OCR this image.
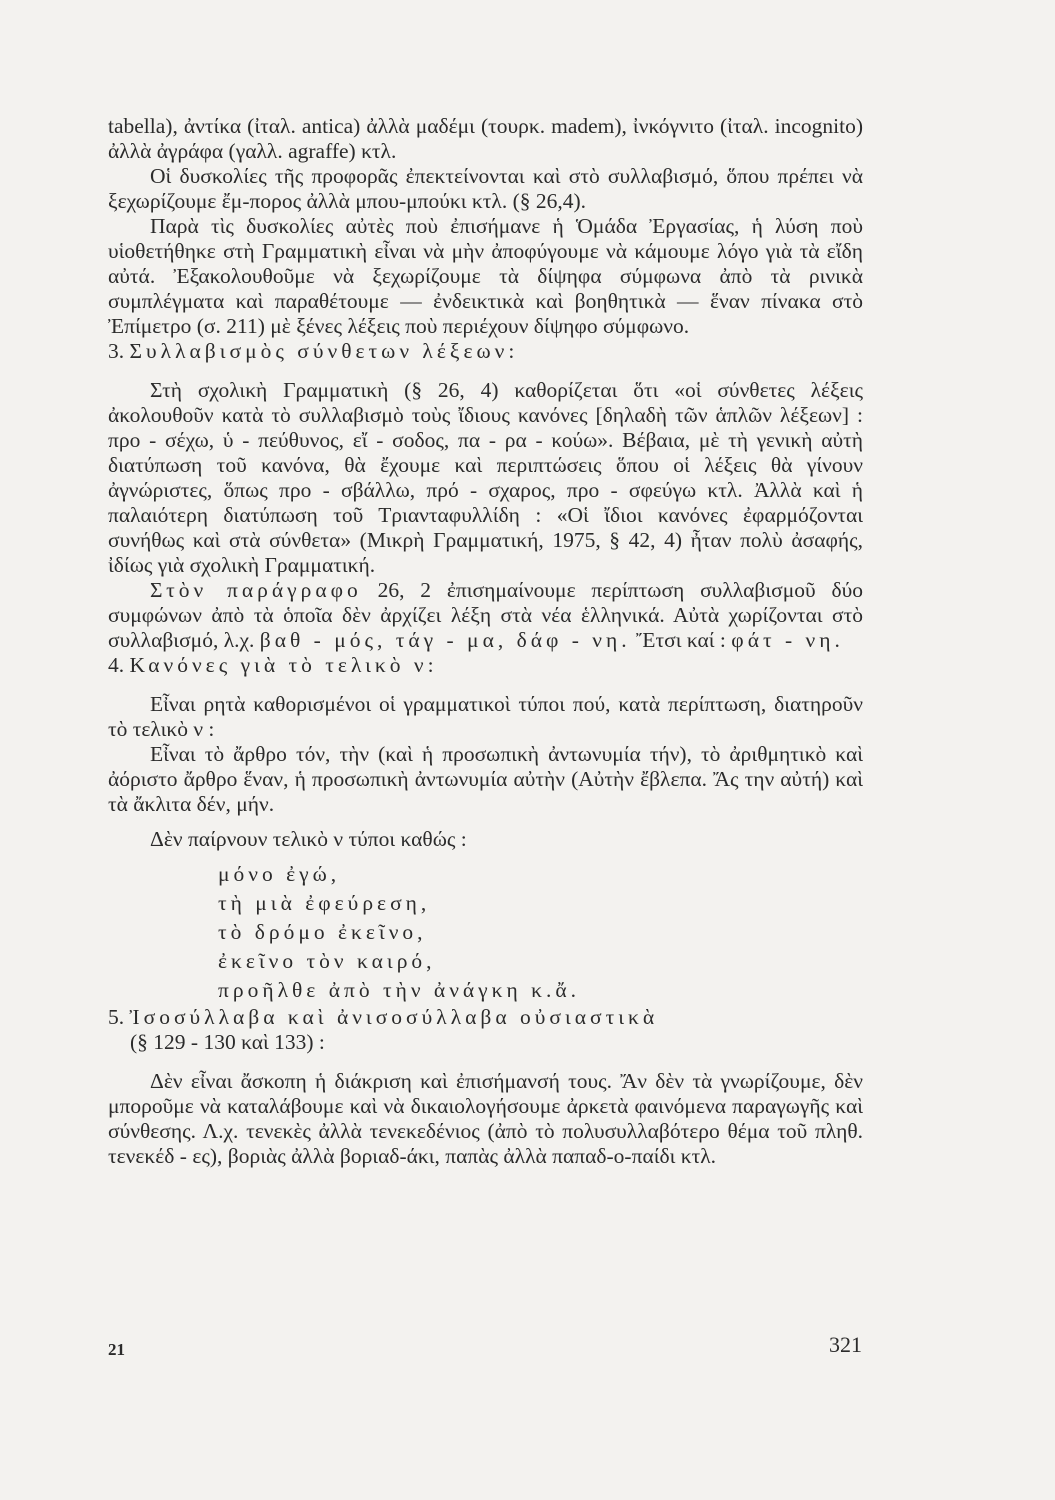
tabella), ἀντίκα (ἰταλ. antica) ἀλλὰ μαδέμι (τουρκ. madem), ἰνκόγνιτο (ἰταλ. incognito) ἀλλὰ ἀγράφα (γαλλ. agraffe) κτλ.

Οἱ δυσκολίες τῆς προφορᾶς ἐπεκτείνονται καὶ στὸ συλλαβισμό, ὅπου πρέπει νὰ ξεχωρίζουμε ἔμ-πορος ἀλλὰ μπου-μπούκι κτλ. (§ 26,4).

Παρὰ τὶς δυσκολίες αὐτὲς ποὺ ἐπισήμανε ἡ Ὁμάδα Ἐργασίας, ἡ λύση ποὺ υἱοθετήθηκε στὴ Γραμματικὴ εἶναι νὰ μὴν ἀποφύγουμε νὰ κάμουμε λόγο γιὰ τὰ εἴδη αὐτά. Ἐξακολουθοῦμε νὰ ξεχωρίζουμε τὰ δίψηφα σύμφωνα ἀπὸ τὰ ρινικὰ συμπλέγματα καὶ παραθέτουμε — ἐνδεικτικὰ καὶ βοηθητικὰ — ἕναν πίνακα στὸ Ἐπίμετρο (σ. 211) μὲ ξένες λέξεις ποὺ περιέχουν δίψηφο σύμφωνο.

3. Συλλαβισμὸς σύνθετων λέξεων:

Στὴ σχολικὴ Γραμματικὴ (§ 26, 4) καθορίζεται ὅτι «οἱ σύνθετες λέξεις ἀκολουθοῦν κατὰ τὸ συλλαβισμὸ τοὺς ἴδιους κανόνες [δηλαδὴ τῶν ἁπλῶν λέξεων] : προ - σέχω, ὑ - πεύθυνος, εἴ - σοδος, πα - ρα - κούω». Βέβαια, μὲ τὴ γενικὴ αὐτὴ διατύπωση τοῦ κανόνα, θὰ ἔχουμε καὶ περιπτώσεις ὅπου οἱ λέξεις θὰ γίνουν ἀγνώριστες, ὅπως προ - σβάλλω, πρό - σχαρος, προ - σφεύγω κτλ. Ἀλλὰ καὶ ἡ παλαιότερη διατύπωση τοῦ Τριανταφυλλίδη : «Οἱ ἴδιοι κανόνες ἐφαρμόζονται συνήθως καὶ στὰ σύνθετα» (Μικρὴ Γραμματική, 1975, § 42, 4) ἦταν πολὺ ἀσαφής, ἰδίως γιὰ σχολικὴ Γραμματική.

Στὸν παράγραφο 26, 2 ἐπισημαίνουμε περίπτωση συλλαβισμοῦ δύο συμφώνων ἀπὸ τὰ ὁποῖα δὲν ἀρχίζει λέξη στὰ νέα ἑλληνικά. Αὐτὰ χωρίζονται στὸ συλλαβισμό, λ.χ. βαθ - μός, τάγ - μα, δάφ - νη. Ἔτσι καί : φάτ - νη.

4. Κανόνες γιὰ τὸ τελικὸ ν:

Εἶναι ρητὰ καθορισμένοι οἱ γραμματικοὶ τύποι πού, κατὰ περίπτωση, διατηροῦν τὸ τελικὸ ν :

Εἶναι τὸ ἄρθρο τόν, τὴν (καὶ ἡ προσωπικὴ ἀντωνυμία τήν), τὸ ἀριθμητικὸ καὶ ἀόριστο ἄρθρο ἕναν, ἡ προσωπικὴ ἀντωνυμία αὐτὴν (Αὐτὴν ἔβλεπα. Ἄς την αὐτή) καὶ τὰ ἄκλιτα δέν, μήν.

Δὲν παίρνουν τελικὸ ν τύποι καθώς :

μόνο ἐγώ,
τὴ μιὰ ἐφεύρεση,
τὸ δρόμο ἐκεῖνο,
ἐκεῖνο τὸν καιρό,
προῆλθε ἀπὸ τὴν ἀνάγκη κ.ἄ.

5. Ἰσοσύλλαβα καὶ ἀνισοσύλλαβα οὐσιαστικὰ

(§ 129 - 130 καὶ 133) :

Δὲν εἶναι ἄσκοπη ἡ διάκριση καὶ ἐπισήμανσή τους. Ἄν δὲν τὰ γνωρίζουμε, δὲν μποροῦμε νὰ καταλάβουμε καὶ νὰ δικαιολογήσουμε ἀρκετὰ φαινόμενα παραγωγῆς καὶ σύνθεσης. Λ.χ. τενεκὲς ἀλλὰ τενεκεδένιος (ἀπὸ τὸ πολυσυλλαβότερο θέμα τοῦ πληθ. τενεκέδ - ες), βοριὰς ἀλλὰ βοριαδ-άκι, παπὰς ἀλλὰ παπαδ-ο-παίδι κτλ.

21	321
